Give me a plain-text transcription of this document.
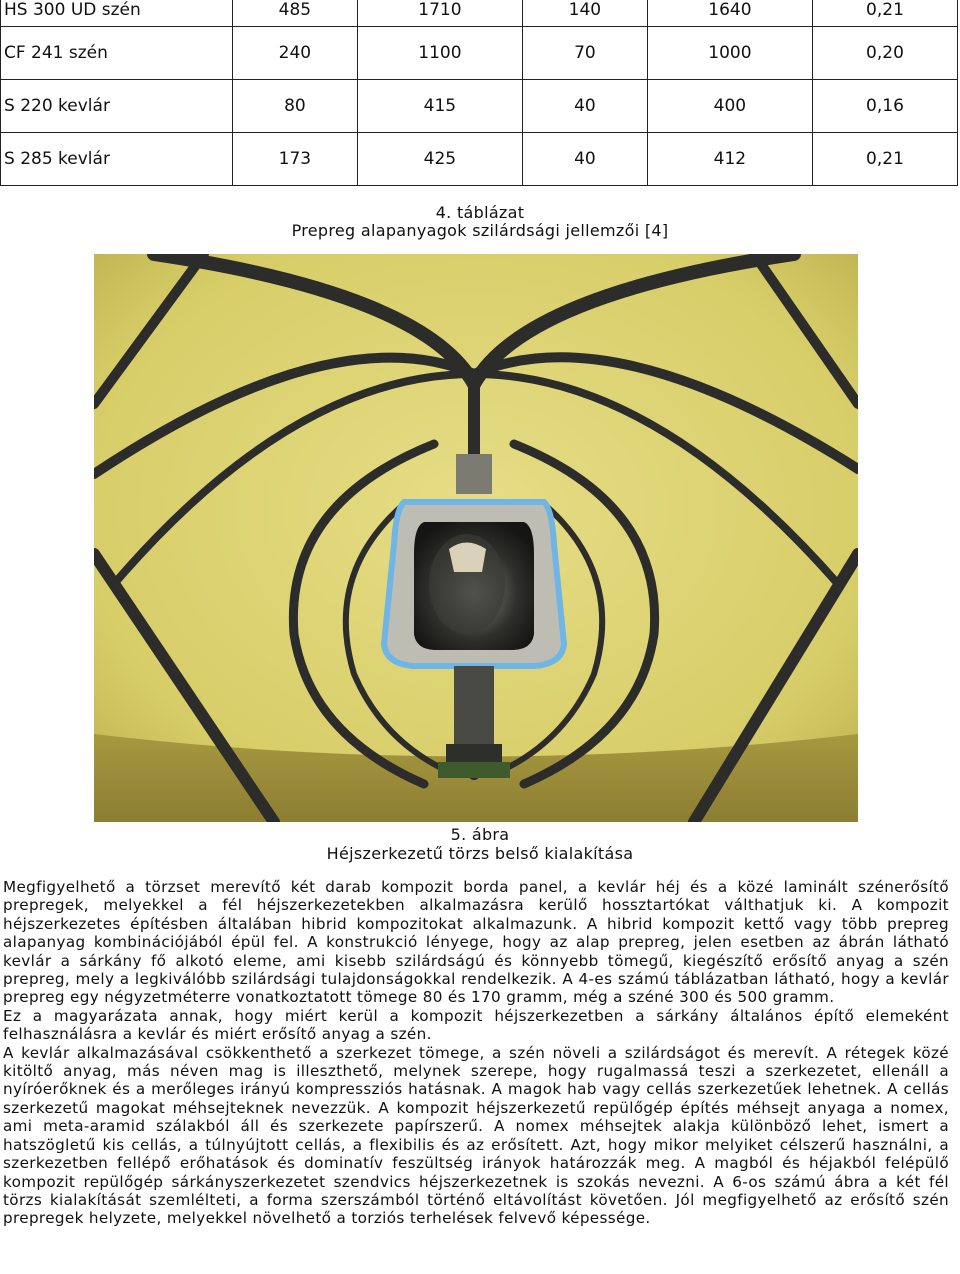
HS 300 UD szén	485	1710	140	1640	0,21
CF 241 szén	240	1100	70	1000	0,20
S 220 kevlár	80	415	40	400	0,16
S 285 kevlár	173	425	40	412	0,21
4. táblázat
Prepreg alapanyagok szilárdsági jellemzői [4]
5. ábra
Héjszerkezetű törzs belső kialakítása

Megfigyelhető a törzset merevítő két darab kompozit borda panel, a kevlár héj és a közé laminált szénerősítő prepregek, melyekkel a fél héjszerkezetekben alkalmazásra kerülő hossztartókat válthatjuk ki. A kompozit héjszerkezetes építésben általában hibrid kompozitokat alkalmazunk. A hibrid kompozit kettő vagy több prepreg alapanyag kombinációjából épül fel. A konstrukció lényege, hogy az alap prepreg, jelen esetben az ábrán látható kevlár a sárkány fő alkotó eleme, ami kisebb szilárdságú és könnyebb tömegű, kiegészítő erősítő anyag a szén prepreg, mely a legkiválóbb szilárdsági tulajdonságokkal rendelkezik. A 4-es számú táblázatban látható, hogy a kevlár prepreg egy négyzetméterre vonatkoztatott tömege 80 és 170 gramm, még a széné 300 és 500 gramm.

Ez a magyarázata annak, hogy miért kerül a kompozit héjszerkezetben a sárkány általános építő elemeként felhasználásra a kevlár és miért erősítő anyag a szén.

A kevlár alkalmazásával csökkenthető a szerkezet tömege, a szén növeli a szilárdságot és merevít. A rétegek közé kitöltő anyag, más néven mag is illeszthető, melynek szerepe, hogy rugalmassá teszi a szerkezetet, ellenáll a nyíróerőknek és a merőleges irányú kompressziós hatásnak. A magok hab vagy cellás szerkezetűek lehetnek. A cellás szerkezetű magokat méhsejteknek nevezzük. A kompozit héjszerkezetű repülőgép építés méhsejt anyaga a nomex, ami meta-aramid szálakból áll és szerkezete papírszerű. A nomex méhsejtek alakja különböző lehet, ismert a hatszögletű kis cellás, a túlnyújtott cellás, a flexibilis és az erősített. Azt, hogy mikor melyiket célszerű használni, a szerkezetben fellépő erőhatások és dominatív feszültség irányok határozzák meg. A magból és héjakból felépülő kompozit repülőgép sárkányszerkezetet szendvics héjszerkezetnek is szokás nevezni. A 6-os számú ábra a két fél törzs kialakítását szemlélteti, a forma szerszámból történő eltávolítást követően. Jól megfigyelhető az erősítő szén prepregek helyzete, melyekkel növelhető a torziós terhelések felvevő képessége.
